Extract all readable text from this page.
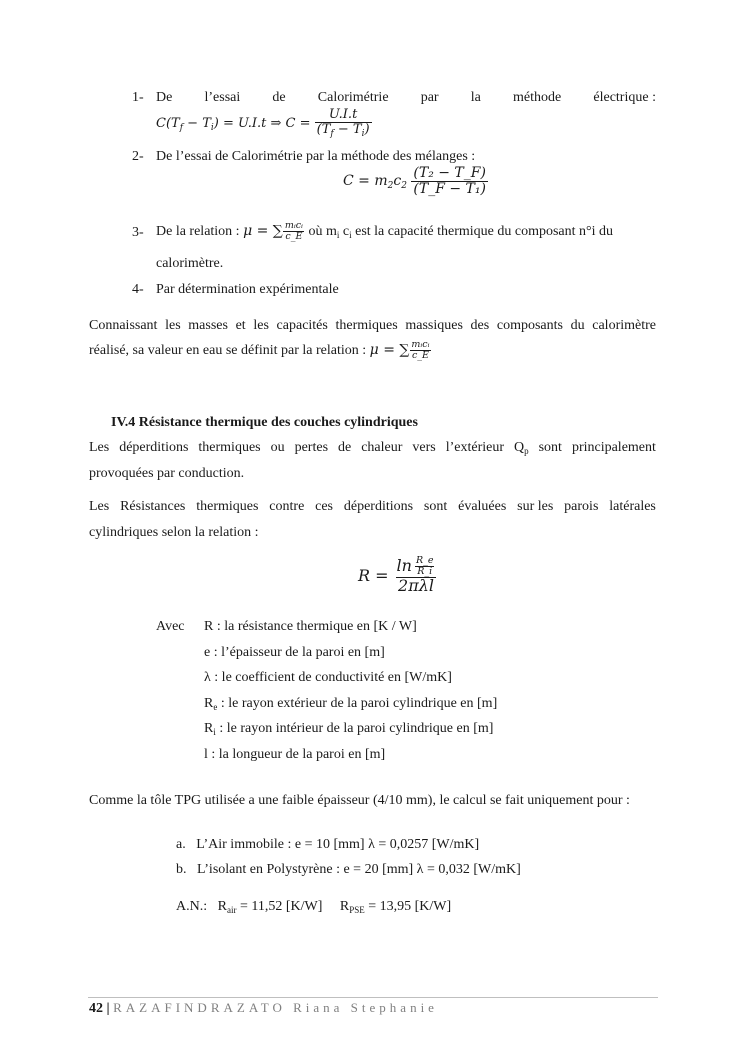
1- De l’essai de Calorimétrie par la méthode électrique :
$C(T_f - T_i) = U.I.t$ ⇒ $C = \frac{U.I.t}{(T_f - T_i)}$
2- De l’essai de Calorimétrie par la méthode des mélanges :
$C = m_2c_2 \frac{\text{(T₂ − T\_F)}}{\text{(T\_F − T₁)}}$
3- De la relation : μ = ∑ $\frac{\text{mᵢcᵢ}}{c\_E}$ où $m_i$ $c_i$ est la capacité thermique du composant n°i du
calorimètre.
4- Par détermination expérimentale
Connaissant les masses et les capacités thermiques massiques des composants du calorimètre
réalisé, sa valeur en eau se définit par la relation : μ = ∑ $\frac{\text{mᵢcᵢ}}{c\_E}$
IV.4 Résistance thermique des couches cylindriques
Les déperditions thermiques ou pertes de chaleur vers l’extérieur $Q_p$ sont principalement
provoquées par conduction.
Les Résistances thermiques contre ces déperditions sont évaluées sur les parois latérales
cylindriques selon la relation :
$R = \frac{\ln \frac{R\_e}{R\_i}}{\text{2πλl}}$
Avec R : la résistance thermique en [K / W]
e : l’épaisseur de la paroi en [m]
λ : le coefficient de conductivité en [W/mK]
$R_e$ : le rayon extérieur de la paroi cylindrique en [m]
$R_i$ : le rayon intérieur de la paroi cylindrique en [m]
l : la longueur de la paroi en [m]
Comme la tôle TPG utilisée a une faible épaisseur (4/10 mm), le calcul se fait uniquement pour :
a. L’Air immobile : e = 10 [mm] λ = 0,0257 [W/mK]
b. L’isolant en Polystyrène : e = 20 [mm] λ = 0,032 [W/mK]
A.N.: $R_{air} = 11,52$ [K/W] $R_{PSE} = 13,95$ [K/W]
42 | RAZAFINDRAZATO Riana Stephanie
